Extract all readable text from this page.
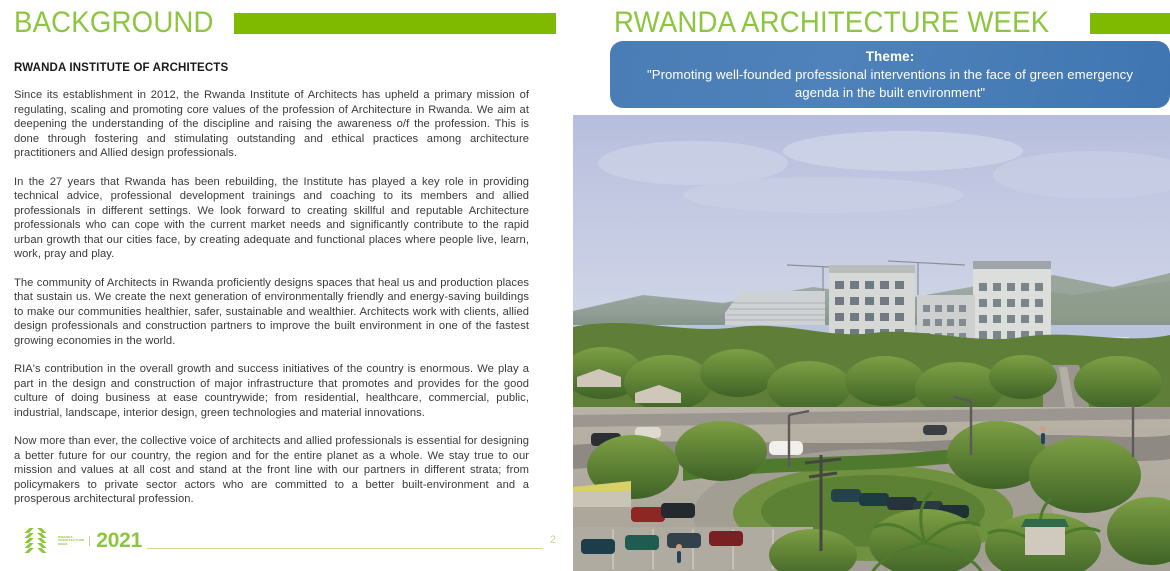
BACKGROUND
RWANDA INSTITUTE OF ARCHITECTS

Since its establishment in 2012, the Rwanda Institute of Architects has upheld a primary mission of regulating, scaling and promoting core values of the profession of Architecture in Rwanda. We aim at deepening the understanding of the discipline and raising the awareness o/f the profession. This is done through fostering and stimulating outstanding and ethical practices among architecture practitioners and Allied design professionals.

In the 27 years that Rwanda has been rebuilding, the Institute has played a key role in providing technical advice, professional development trainings and coaching to its members and allied professionals in different settings. We look forward to creating skillful and reputable Architecture professionals who can cope with the current market needs and significantly contribute to the rapid urban growth that our cities face, by creating adequate and functional places where people live, learn, work, pray and play.

The community of Architects in Rwanda proficiently designs spaces that heal us and production places that sustain us. We create the next generation of environmentally friendly and energy-saving buildings to make our communities healthier, safer, sustainable and wealthier. Architects work with clients, allied design professionals and construction partners to improve the built environment in one of the fastest growing economies in the world.

RIA's contribution in the overall growth and success initiatives of the country is enormous. We play a part in the design and construction of major infrastructure that promotes and provides for the good culture of doing business at ease countrywide; from residential, healthcare, commercial, public, industrial, landscape, interior design, green technologies and material innovations.

Now more than ever, the collective voice of architects and allied professionals is essential for designing a better future for our country, the region and for the entire planet as a whole. We stay true to our mission and values at all cost and stand at the front line with our partners in different strata; from policymakers to private sector actors who are committed to a better built-environment and a prosperous architectural profession.

RWANDA
ARCHITECTURE
WEEK	2021	2
RWANDA ARCHITECTURE WEEK
Theme:
"Promoting well-founded professional interventions in the face of green emergency agenda in the built environment"
